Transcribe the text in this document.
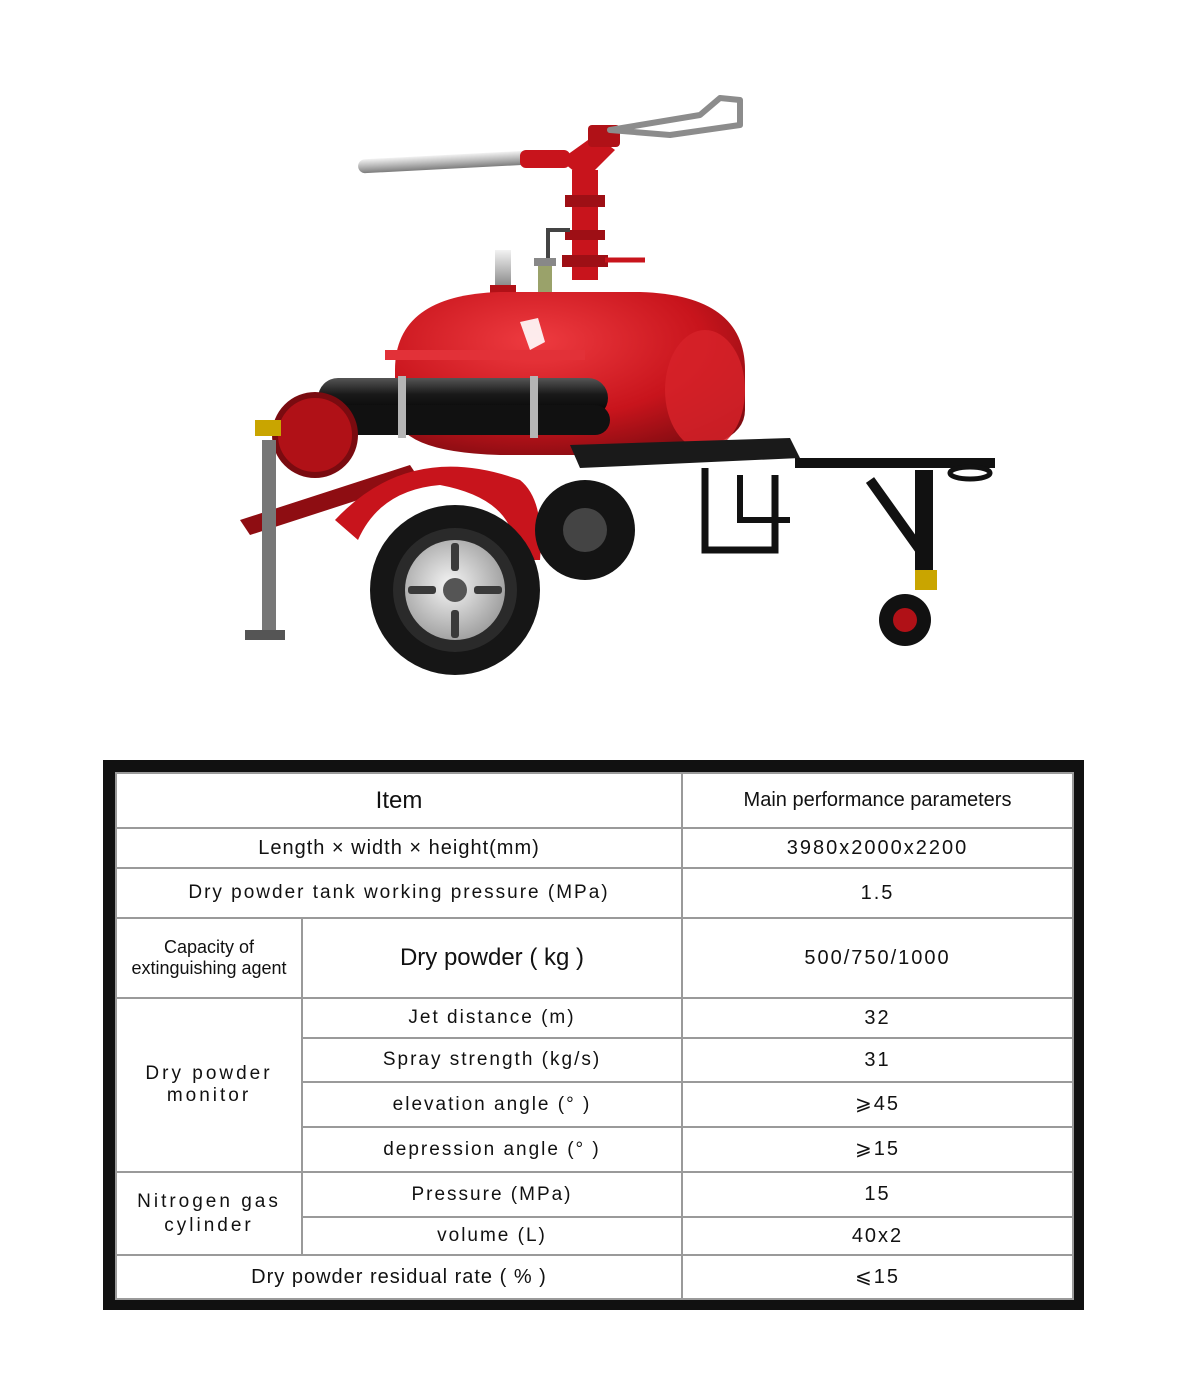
Item		Main performance parameters
Length × width × height(mm)		3980x2000x2200
Dry powder tank working pressure (MPa)		1.5
Capacity of extinguishing agent	Dry powder ( kg )	500/750/1000
Dry powder monitor	Jet distance (m)	32
	Spray strength (kg/s)	31
	elevation angle (° )	⩾45
	depression angle (° )	⩾15
Nitrogen gas cylinder	Pressure (MPa)	15
	volume (L)	40x2
Dry powder residual rate ( % )		⩽15
